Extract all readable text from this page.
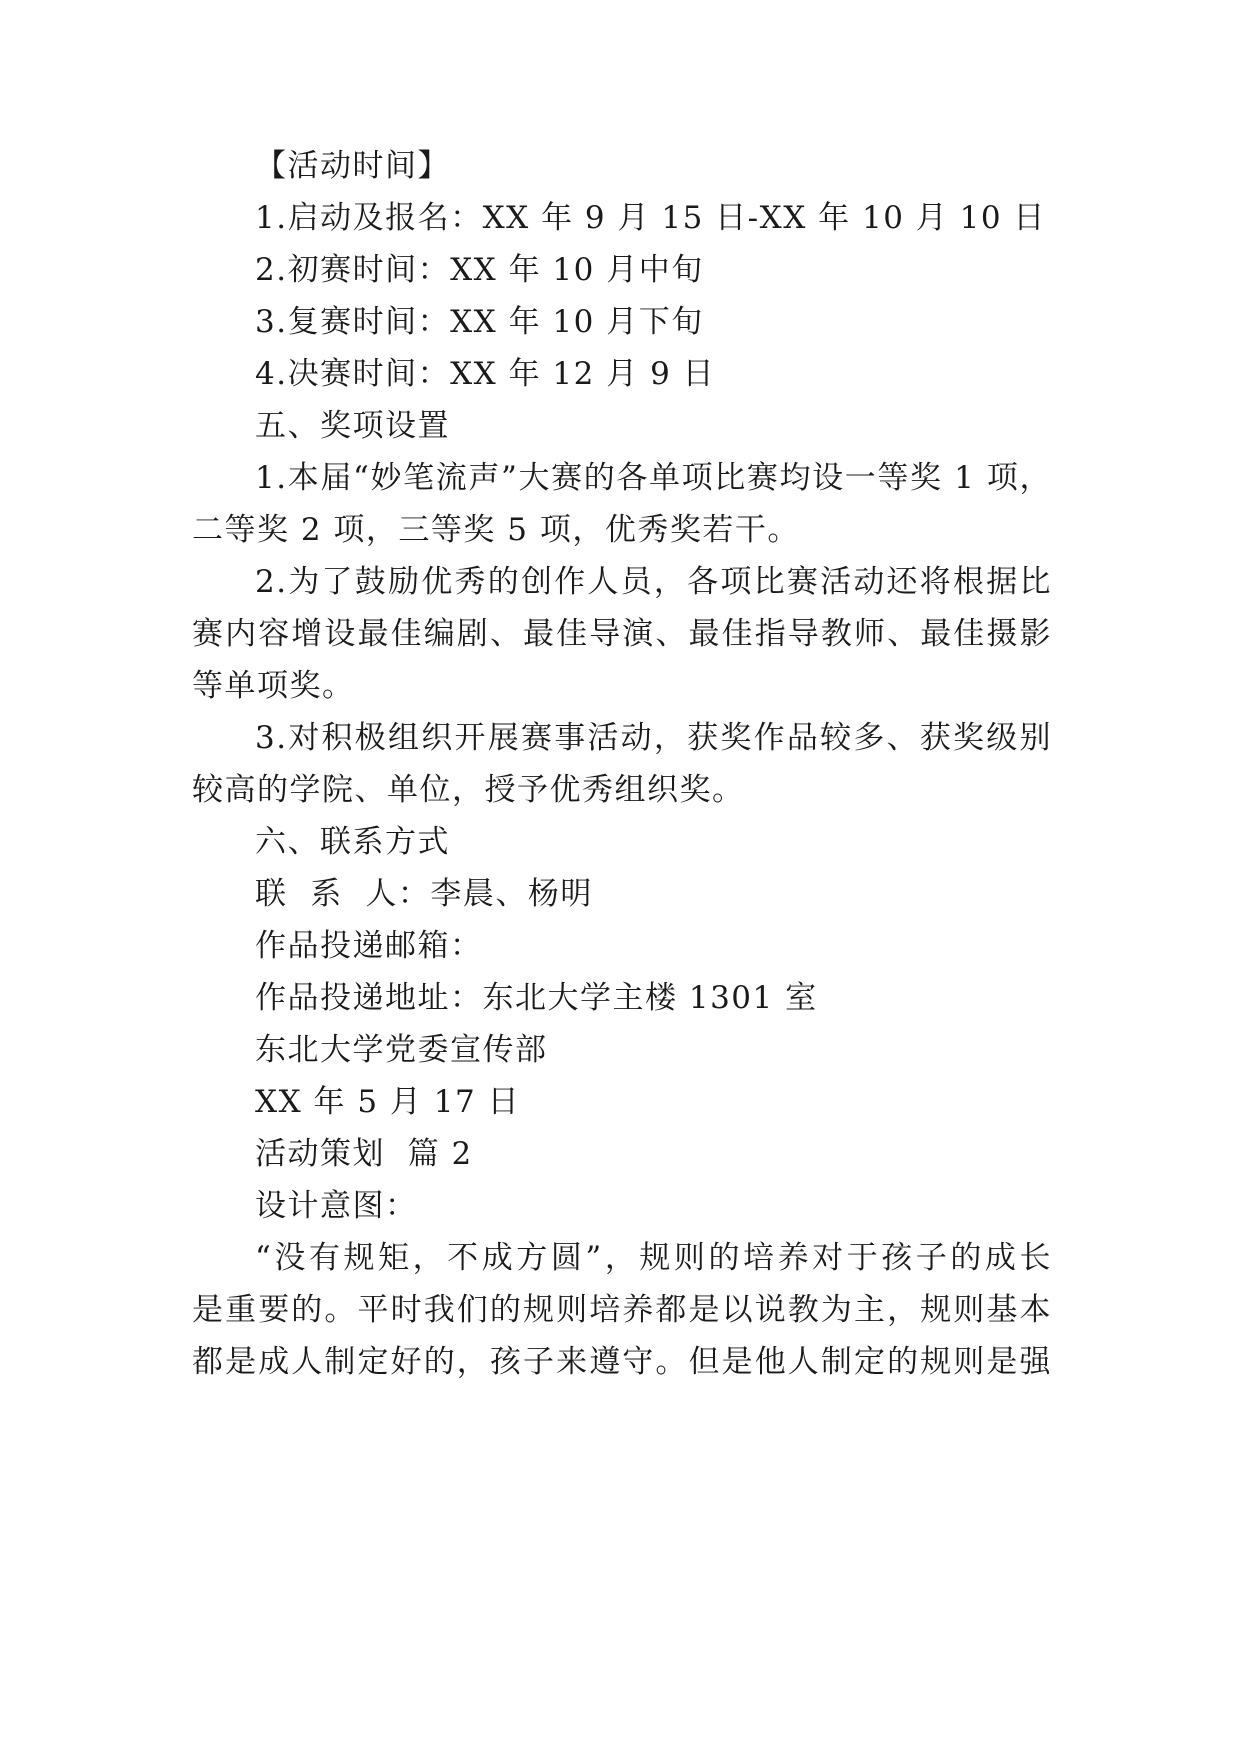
【活动时间】
1.启动及报名：XX 年 9 月 15 日-XX 年 10 月 10 日
2.初赛时间：XX 年 10 月中旬
3.复赛时间：XX 年 10 月下旬
4.决赛时间：XX 年 12 月 9 日
五、奖项设置
1.本届“妙笔流声”大赛的各单项比赛均设一等奖 1 项，
二等奖 2 项，三等奖 5 项，优秀奖若干。
2.为了鼓励优秀的创作人员，各项比赛活动还将根据比
赛内容增设最佳编剧、最佳导演、最佳指导教师、最佳摄影
等单项奖。
3.对积极组织开展赛事活动，获奖作品较多、获奖级别
较高的学院、单位，授予优秀组织奖。
六、联系方式
联  系  人：李晨、杨明
作品投递邮箱：
作品投递地址：东北大学主楼 1301 室
东北大学党委宣传部
XX 年 5 月 17 日
活动策划  篇 2
设计意图：
“没有规矩，不成方圆”，规则的培养对于孩子的成长
是重要的。平时我们的规则培养都是以说教为主，规则基本
都是成人制定好的，孩子来遵守。但是他人制定的规则是强
